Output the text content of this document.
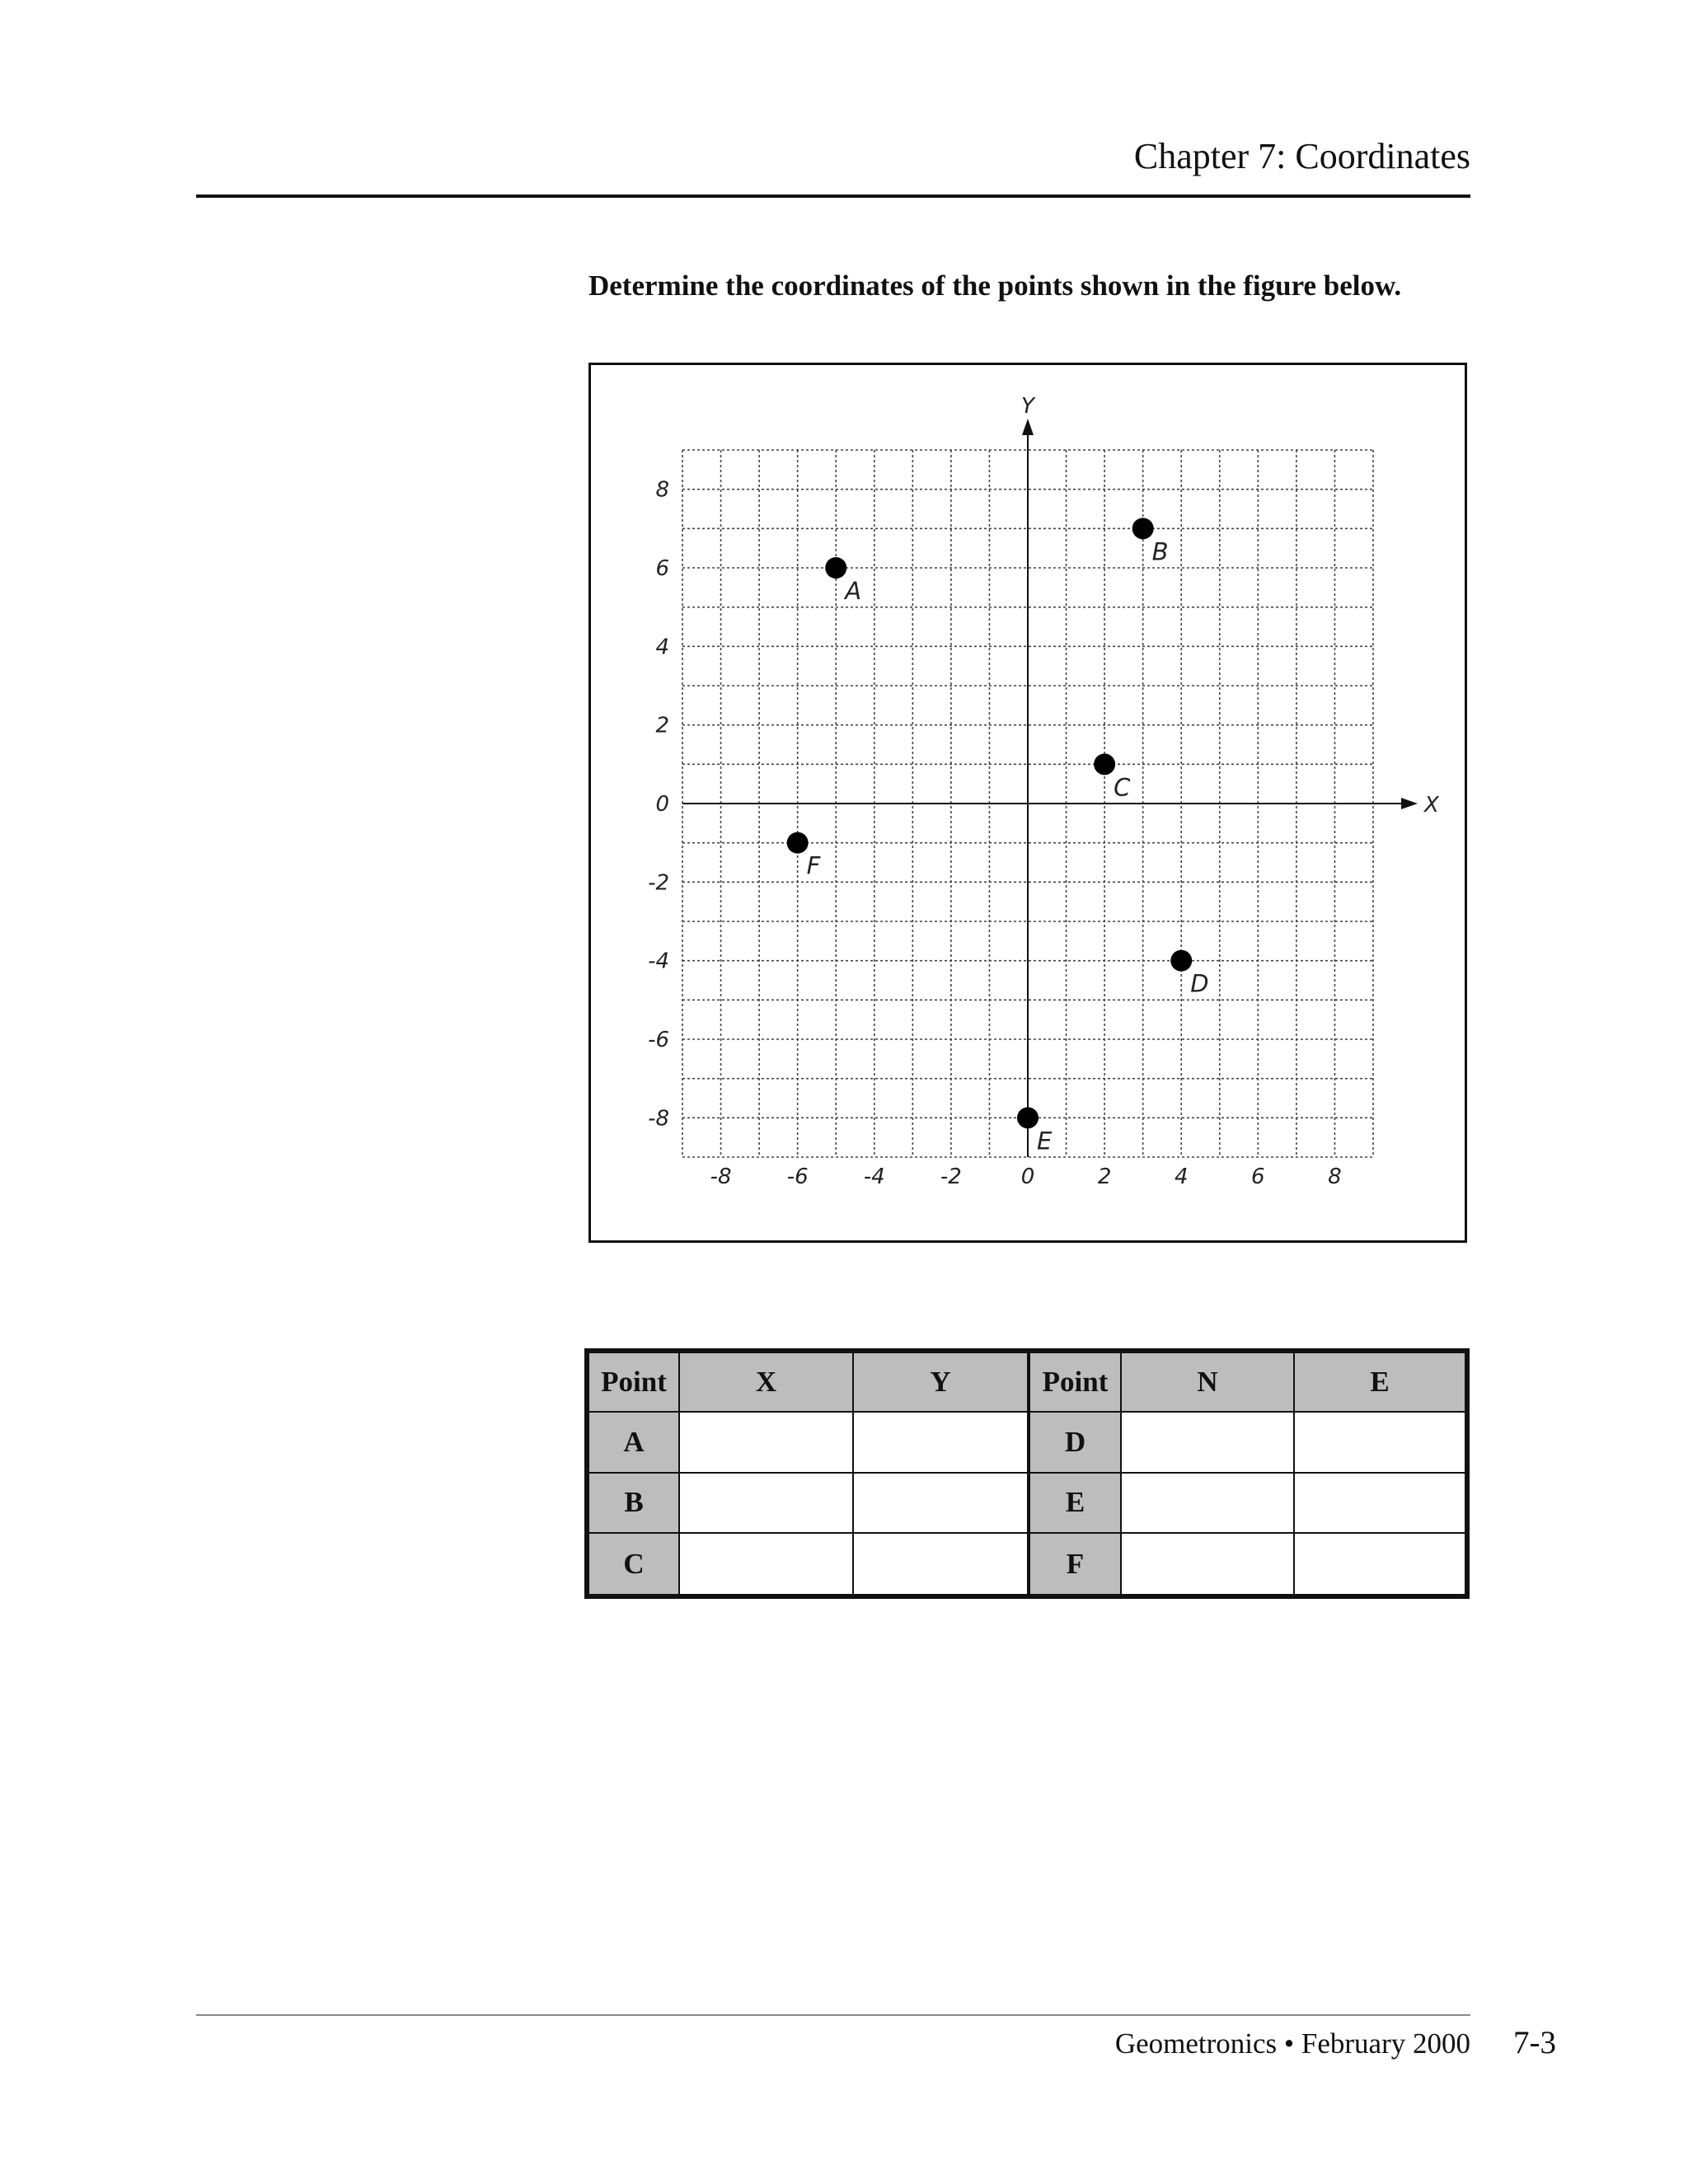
Chapter 7: Coordinates
Determine the coordinates of the points shown in the figure below.
X
Y
-8	-6	-4	-2	0	2	4	6	8
8
6
4
2
0
-2
-4
-6
-8
A
B
C
D
E
F
Point	X	Y	Point	N	E
A			D		
B			E		
C			F		
Geometronics • February 2000 7-3
